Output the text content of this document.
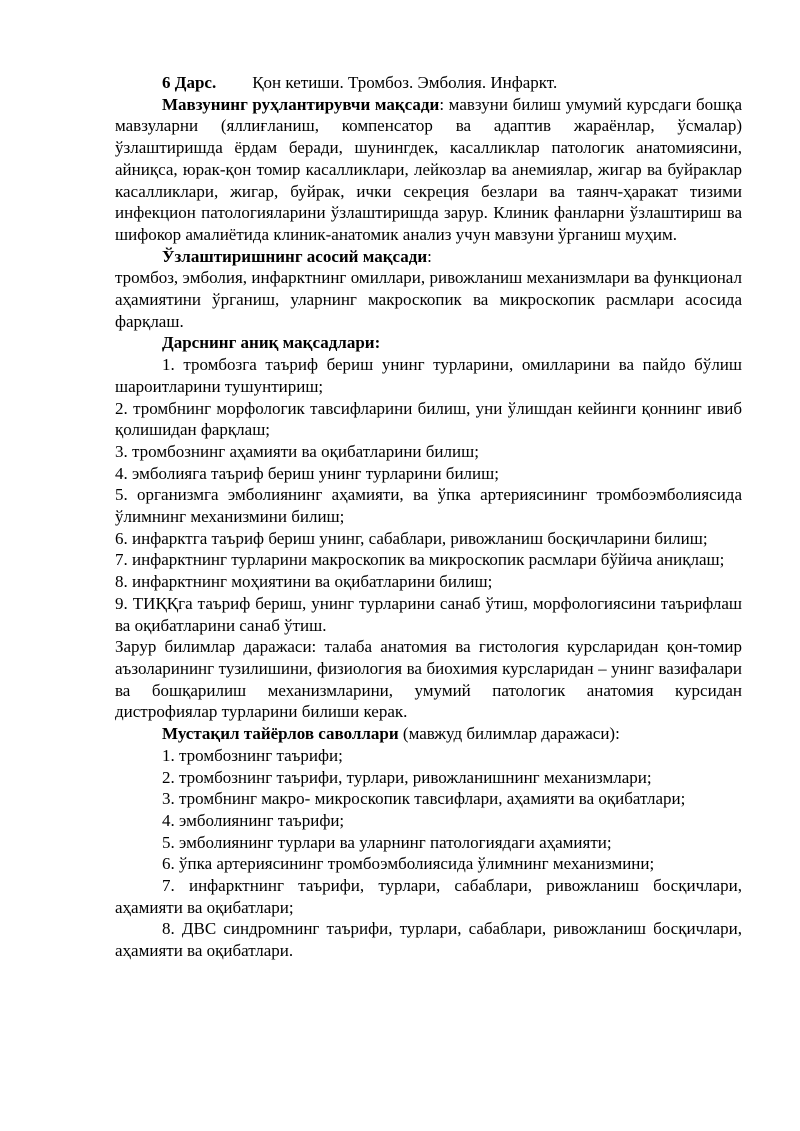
6 Дарс. Қон кетиши. Тромбоз. Эмболия. Инфаркт.

Мавзунинг руҳлантирувчи мақсади: мавзуни билиш умумий курсдаги бошқа мавзуларни (яллиғланиш, компенсатор ва адаптив жараёнлар, ўсмалар) ўзлаштиришда ёрдам беради, шунингдек, касалликлар патологик анатомиясини, айниқса, юрак-қон томир касалликлари, лейкозлар ва анемиялар, жигар ва буйраклар касалликлари, жигар, буйрак, ички секреция безлари ва таянч-ҳаракат тизими инфекцион патологияларини ўзлаштиришда зарур. Клиник фанларни ўзлаштириш ва шифокор амалиётида клиник-анатомик анализ учун мавзуни ўрганиш муҳим.

Ўзлаштиришнинг асосий мақсади:

тромбоз, эмболия, инфарктнинг омиллари, ривожланиш механизмлари ва функционал аҳамиятини ўрганиш, уларнинг макроскопик ва микроскопик расмлари асосида фарқлаш.

Дарснинг аниқ мақсадлари:

1. тромбозга таъриф бериш унинг турларини, омилларини ва пайдо бўлиш шароитларини тушунтириш;

2. тромбнинг морфологик тавсифларини билиш, уни ўлишдан кейинги қоннинг ивиб қолишидан фарқлаш;

3. тромбознинг аҳамияти ва оқибатларини билиш;

4. эмболияга таъриф бериш унинг турларини билиш;

5. организмга эмболиянинг аҳамияти, ва ўпка артериясининг тромбоэмболиясида ўлимнинг механизмини билиш;

6. инфарктга таъриф бериш унинг, сабаблари, ривожланиш босқичларини билиш;

7. инфарктнинг турларини макроскопик ва микроскопик расмлари бўйича аниқлаш;

8. инфарктнинг моҳиятини ва оқибатларини билиш;

9. ТИҚҚга таъриф бериш, унинг турларини санаб ўтиш, морфологиясини таърифлаш ва оқибатларини санаб ўтиш.

Зарур билимлар даражаси: талаба анатомия ва гистология курсларидан қон-томир аъзоларининг тузилишини, физиология ва биохимия курсларидан – унинг вазифалари ва бошқарилиш механизмларини, умумий патологик анатомия курсидан дистрофиялар турларини билиши керак.

Мустақил тайёрлов саволлари (мавжуд билимлар даражаси):

1. тромбознинг таърифи;

2. тромбознинг таърифи, турлари, ривожланишнинг механизмлари;

3. тромбнинг макро- микроскопик тавсифлари, аҳамияти ва оқибатлари;

4. эмболиянинг таърифи;

5. эмболиянинг турлари ва уларнинг патологиядаги аҳамияти;

6. ўпка артериясининг тромбоэмболиясида ўлимнинг механизмини;

7. инфарктнинг таърифи, турлари, сабаблари, ривожланиш босқичлари, аҳамияти ва оқибатлари;

8. ДВС синдромнинг таърифи, турлари, сабаблари, ривожланиш босқичлари, аҳамияти ва оқибатлари.
